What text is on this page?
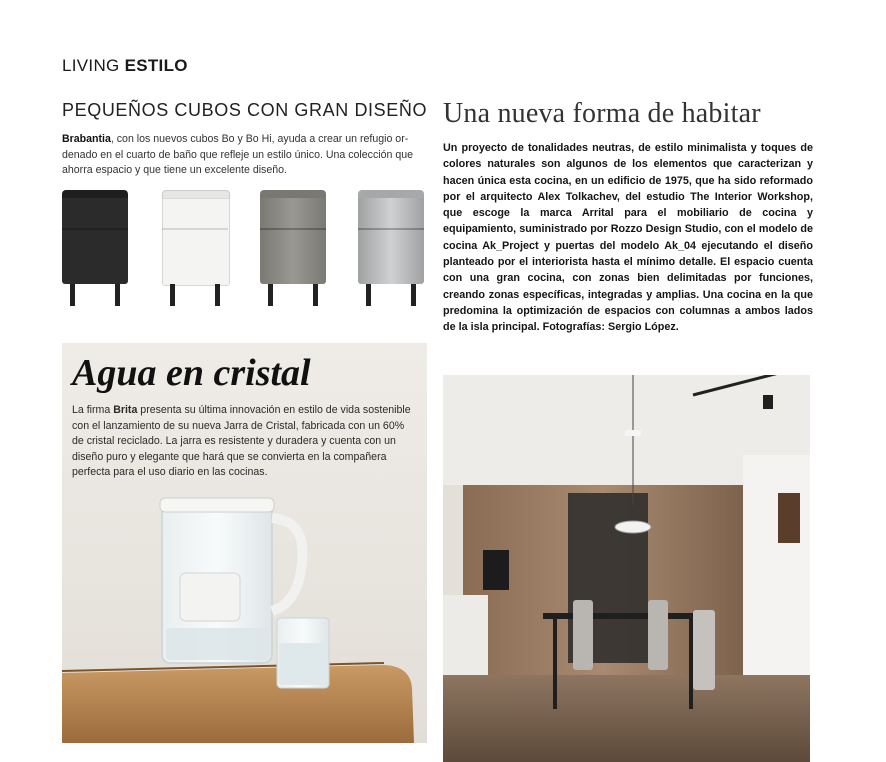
LIVING ESTILO
PEQUEÑOS CUBOS CON GRAN DISEÑO
Brabantia, con los nuevos cubos Bo y Bo Hi, ayuda a crear un refugio or-denado en el cuarto de baño que refleje un estilo único. Una colección que ahorra espacio y que tiene un excelente diseño.
Una nueva forma de habitar
Un proyecto de tonalidades neutras, de estilo minimalista y toques de colores naturales son algunos de los elementos que caracterizan y hacen única esta cocina, en un edificio de 1975, que ha sido reformado por el arquitecto Alex Tolkachev, del estudio The Interior Workshop, que escoge la marca Arrital para el mobiliario de cocina y equipamiento, suministrado por Rozzo Design Studio, con el modelo de cocina Ak_Project y puertas del modelo Ak_04 ejecutando el diseño planteado por el interiorista hasta el mínimo detalle. El espacio cuenta con una gran cocina, con zonas bien delimitadas por funciones, creando zonas específicas, integradas y amplias. Una cocina en la que predomina la optimización de espacios con columnas a ambos lados de la isla principal. Fotografías: Sergio López.
Agua en cristal
La firma Brita presenta su última innovación en estilo de vida sostenible con el lanzamiento de su nueva Jarra de Cristal, fabricada con un 60% de cristal reciclado. La jarra es resistente y duradera y cuenta con un diseño puro y elegante que hará que se convierta en la compañera perfecta para el uso diario en las cocinas.
